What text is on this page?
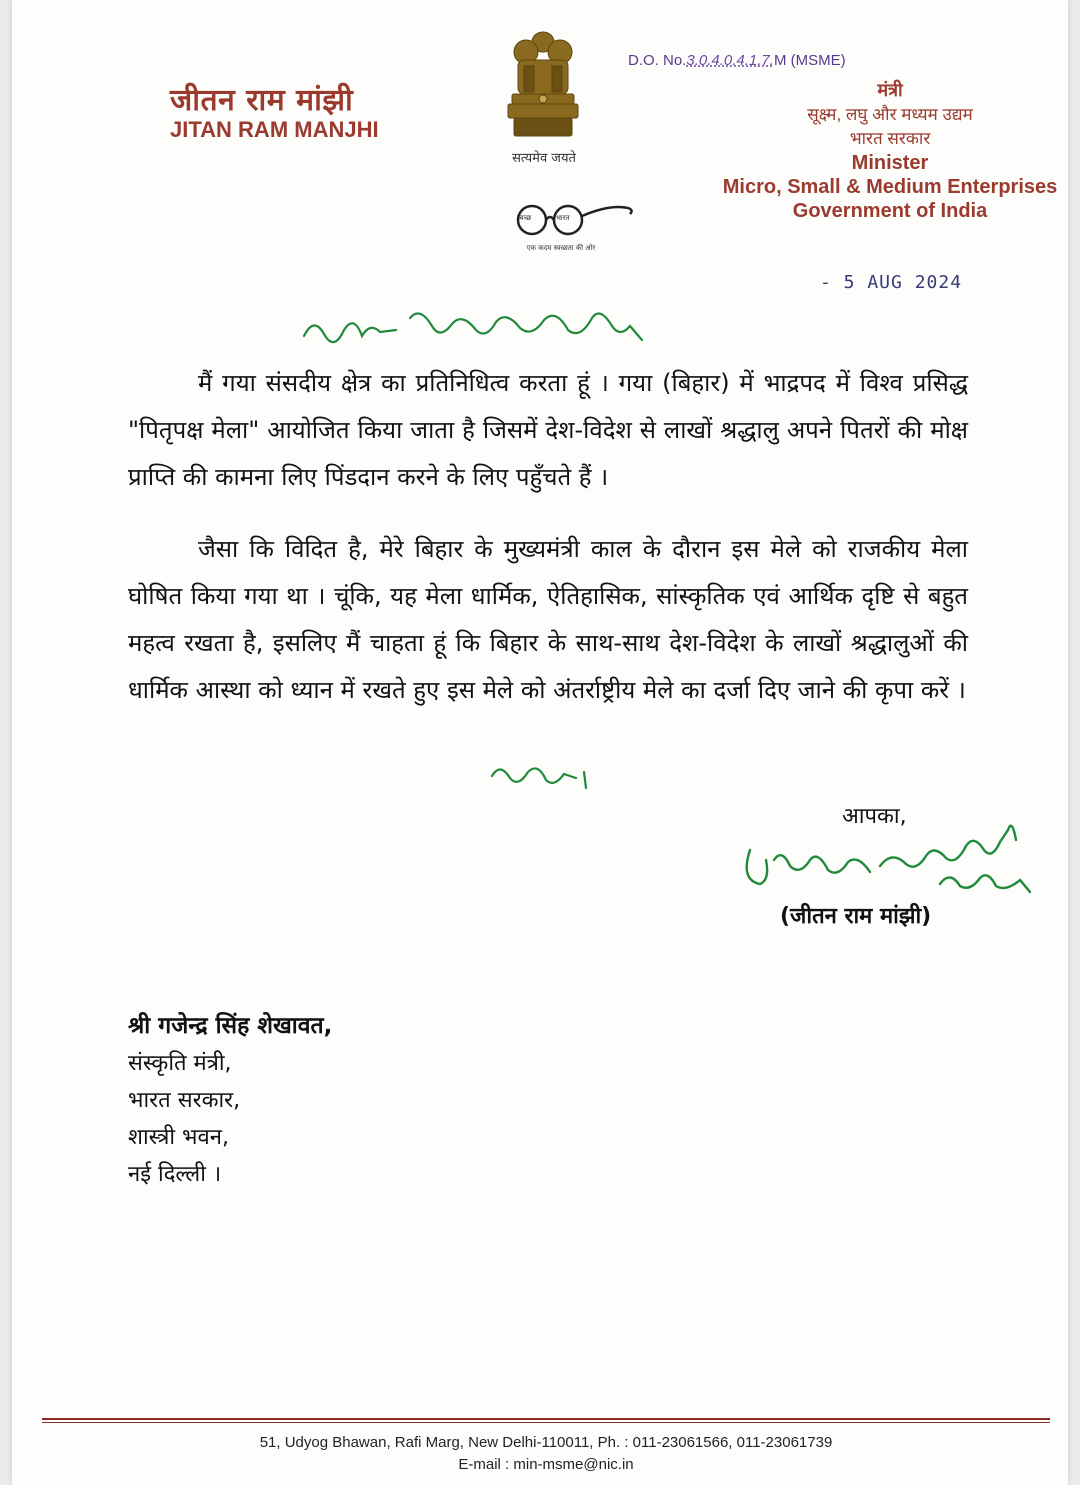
जीतन राम मांझी
JITAN RAM MANJHI
सत्यमेव जयते
स्वच्छ	भारत
एक कदम स्वच्छता की ओर
D.O. No.3.0.4.0.4.1.7.M (MSME)
मंत्री
सूक्ष्म, लघु और मध्यम उद्यम
भारत सरकार
Minister
Micro, Small & Medium Enterprises
Government of India
- 5 AUG 2024
मैं गया संसदीय क्षेत्र का प्रतिनिधित्व करता हूं । गया (बिहार) में भाद्रपद में विश्व प्रसिद्ध "पितृपक्ष मेला" आयोजित किया जाता है जिसमें देश-विदेश से लाखों श्रद्धालु अपने पितरों की मोक्ष प्राप्ति की कामना लिए पिंडदान करने के लिए पहुँचते हैं ।
जैसा कि विदित है, मेरे बिहार के मुख्यमंत्री काल के दौरान इस मेले को राजकीय मेला घोषित किया गया था । चूंकि, यह मेला धार्मिक, ऐतिहासिक, सांस्कृतिक एवं आर्थिक दृष्टि से बहुत महत्व रखता है, इसलिए मैं चाहता हूं कि बिहार के साथ-साथ देश-विदेश के लाखों श्रद्धालुओं की धार्मिक आस्था को ध्यान में रखते हुए इस मेले को अंतर्राष्ट्रीय मेले का दर्जा दिए जाने की कृपा करें ।
आपका,
(जीतन राम मांझी)
श्री गजेन्द्र सिंह शेखावत,
संस्कृति मंत्री,
भारत सरकार,
शास्त्री भवन,
नई दिल्ली ।
51, Udyog Bhawan, Rafi Marg, New Delhi-110011, Ph. : 011-23061566, 011-23061739
E-mail : min-msme@nic.in
